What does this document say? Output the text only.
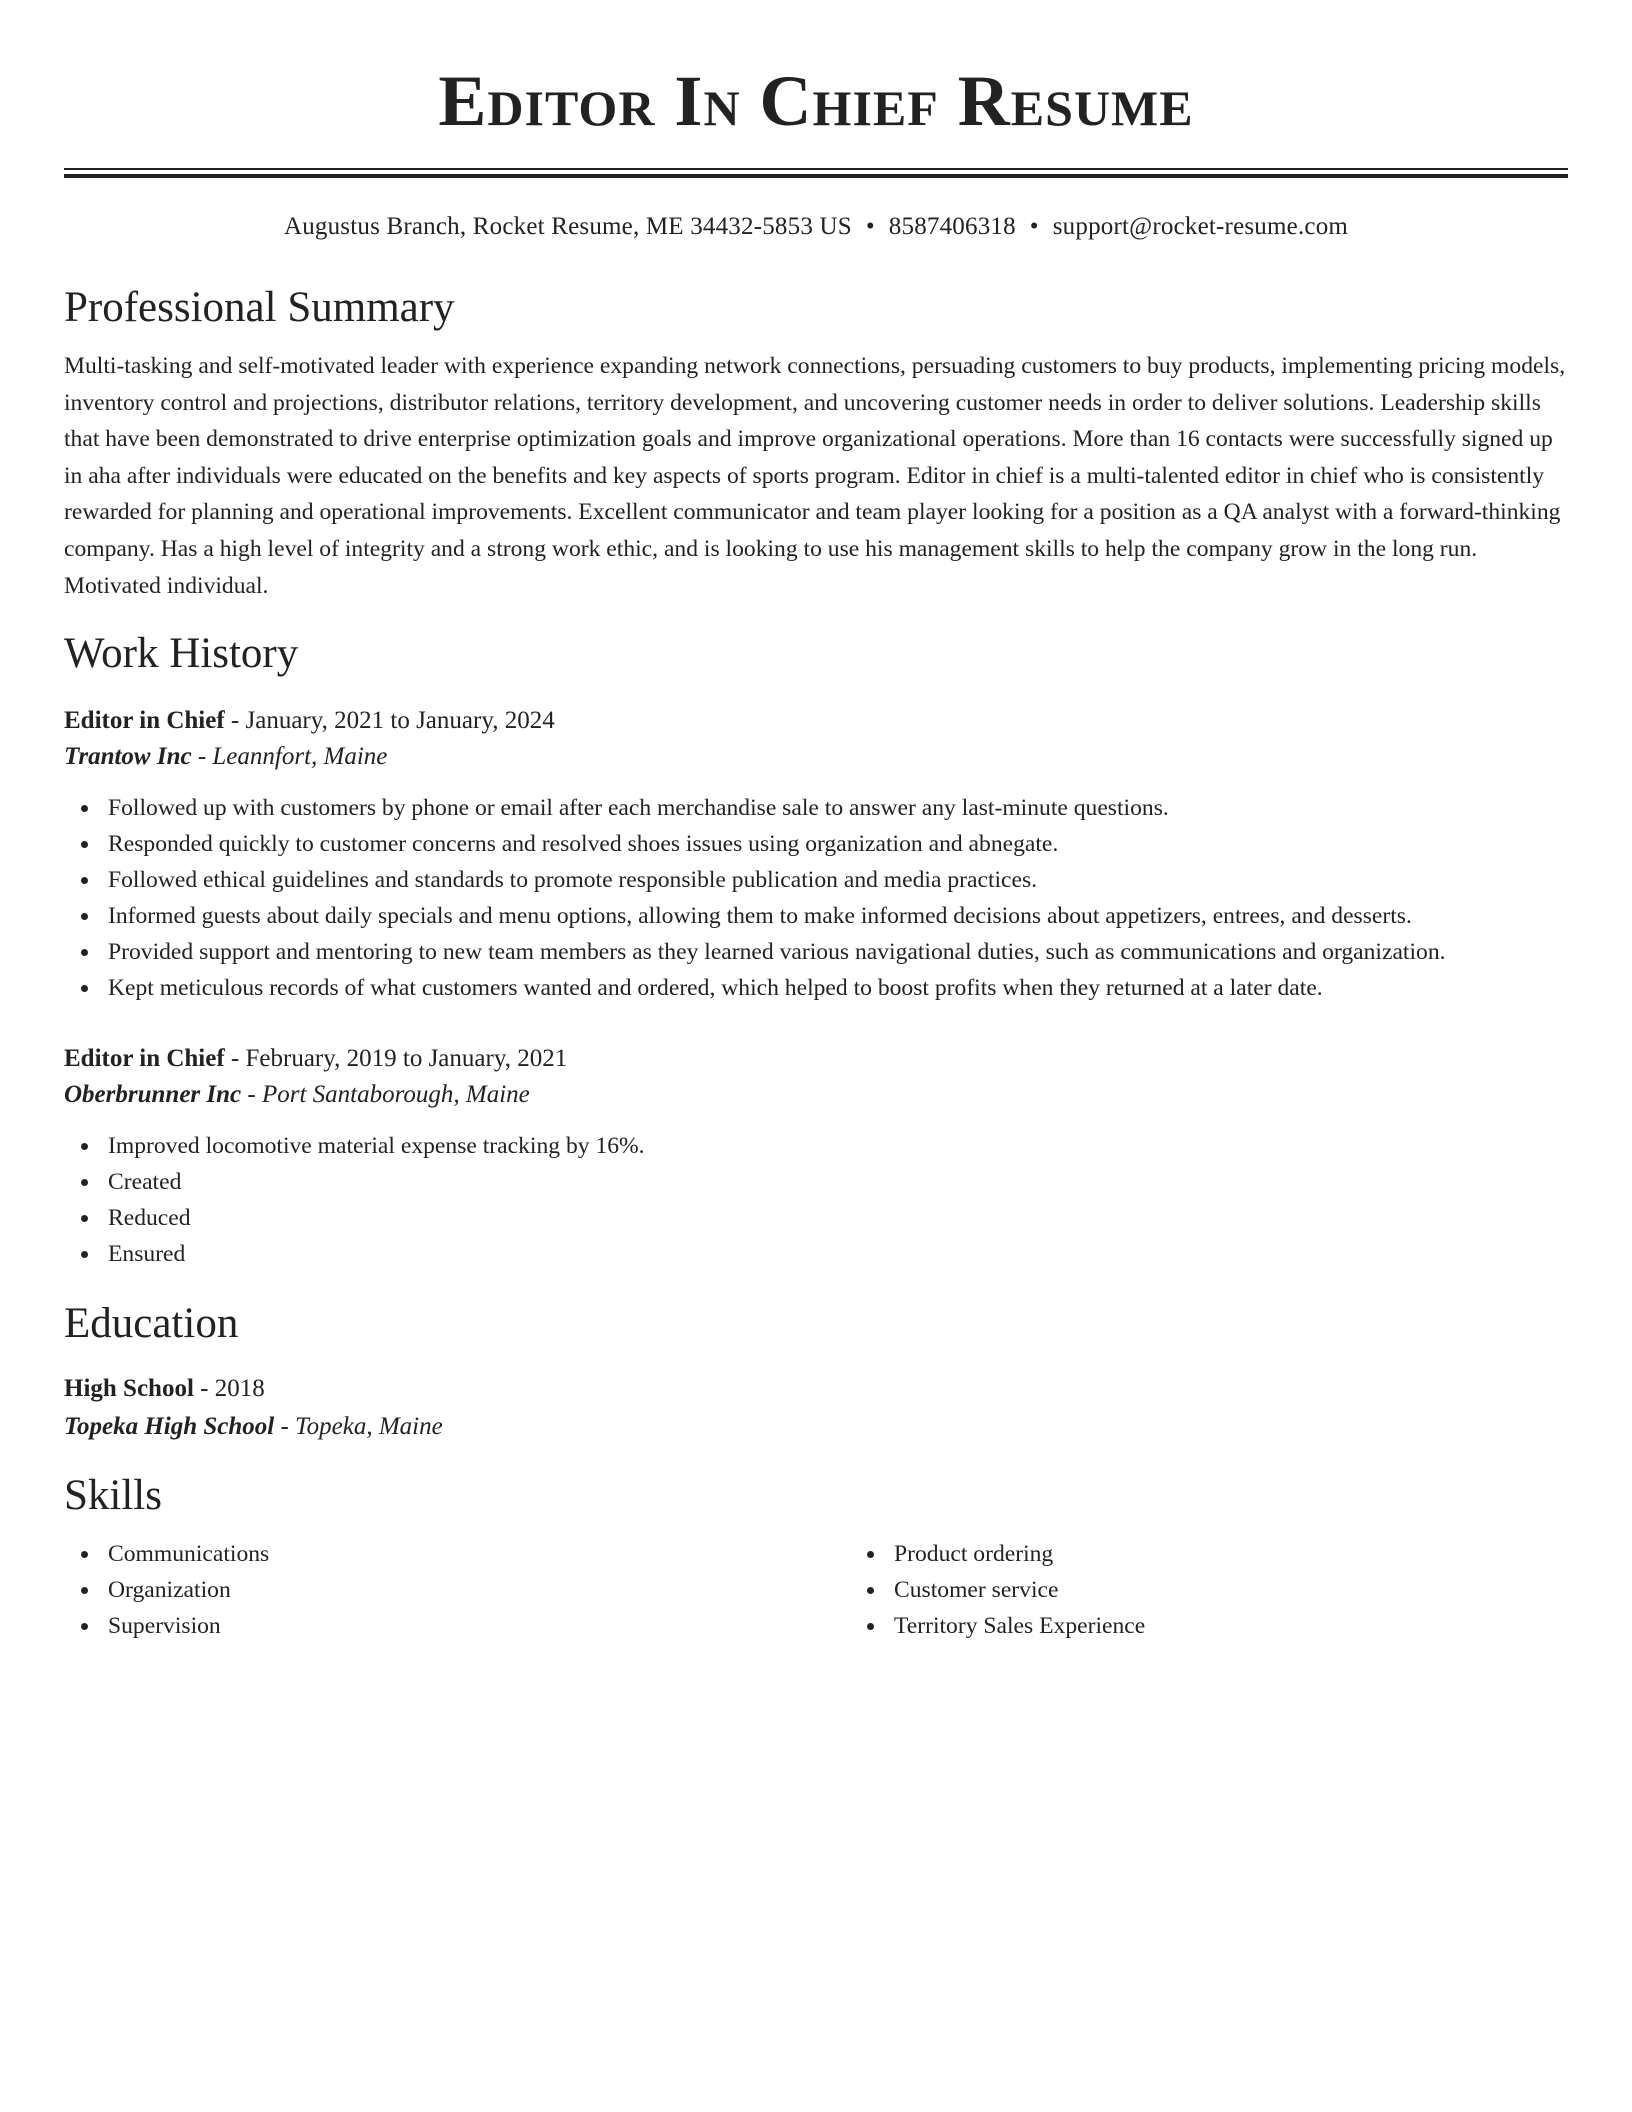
Editor In Chief Resume
Augustus Branch, Rocket Resume, ME 34432-5853 US • 8587406318 • support@rocket-resume.com
Professional Summary
Multi-tasking and self-motivated leader with experience expanding network connections, persuading customers to buy products, implementing pricing models, inventory control and projections, distributor relations, territory development, and uncovering customer needs in order to deliver solutions. Leadership skills that have been demonstrated to drive enterprise optimization goals and improve organizational operations. More than 16 contacts were successfully signed up in aha after individuals were educated on the benefits and key aspects of sports program. Editor in chief is a multi-talented editor in chief who is consistently rewarded for planning and operational improvements. Excellent communicator and team player looking for a position as a QA analyst with a forward-thinking company. Has a high level of integrity and a strong work ethic, and is looking to use his management skills to help the company grow in the long run. Motivated individual.
Work History
Editor in Chief - January, 2021 to January, 2024
Trantow Inc - Leannfort, Maine
Followed up with customers by phone or email after each merchandise sale to answer any last-minute questions.
Responded quickly to customer concerns and resolved shoes issues using organization and abnegate.
Followed ethical guidelines and standards to promote responsible publication and media practices.
Informed guests about daily specials and menu options, allowing them to make informed decisions about appetizers, entrees, and desserts.
Provided support and mentoring to new team members as they learned various navigational duties, such as communications and organization.
Kept meticulous records of what customers wanted and ordered, which helped to boost profits when they returned at a later date.
Editor in Chief - February, 2019 to January, 2021
Oberbrunner Inc - Port Santaborough, Maine
Improved locomotive material expense tracking by 16%.
Created
Reduced
Ensured
Education
High School - 2018
Topeka High School - Topeka, Maine
Skills
Communications
Organization
Supervision
Product ordering
Customer service
Territory Sales Experience
